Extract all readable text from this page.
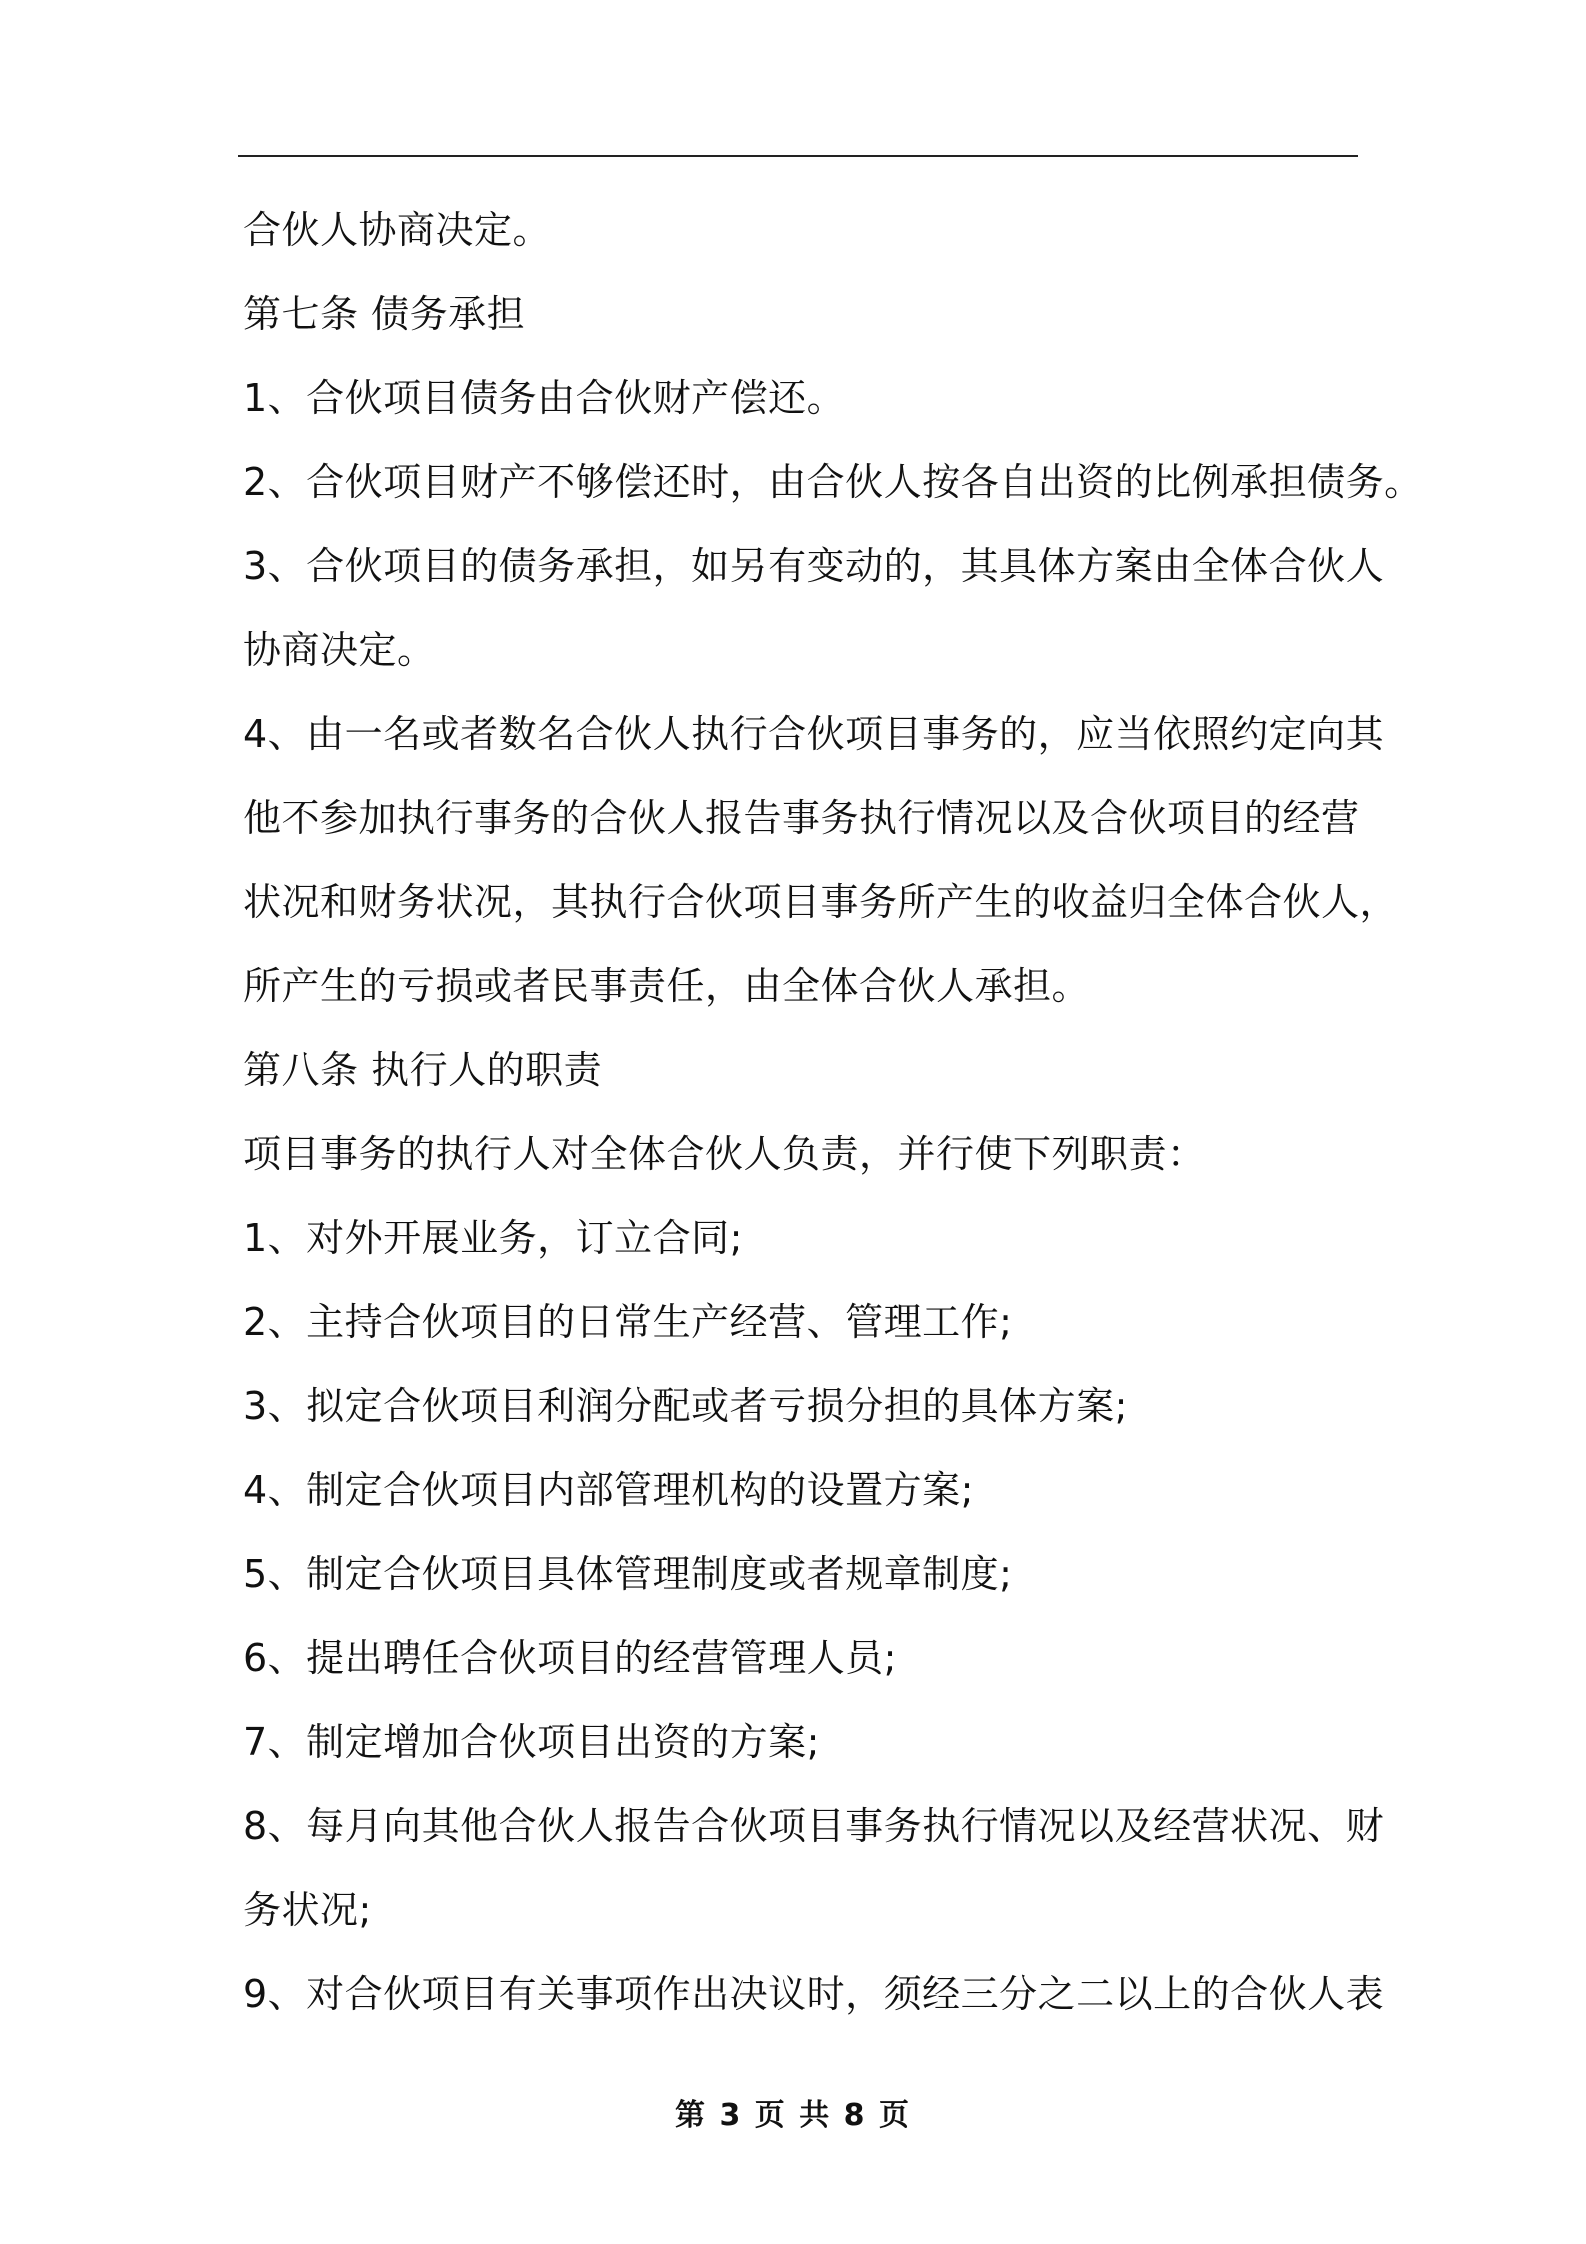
合伙人协商决定。
第七条 债务承担
1、合伙项目债务由合伙财产偿还。
2、合伙项目财产不够偿还时，由合伙人按各自出资的比例承担债务。
3、合伙项目的债务承担，如另有变动的，其具体方案由全体合伙人
协商决定。
4、由一名或者数名合伙人执行合伙项目事务的，应当依照约定向其
他不参加执行事务的合伙人报告事务执行情况以及合伙项目的经营
状况和财务状况，其执行合伙项目事务所产生的收益归全体合伙人，
所产生的亏损或者民事责任，由全体合伙人承担。
第八条 执行人的职责
项目事务的执行人对全体合伙人负责，并行使下列职责：
1、对外开展业务，订立合同;
2、主持合伙项目的日常生产经营、管理工作;
3、拟定合伙项目利润分配或者亏损分担的具体方案;
4、制定合伙项目内部管理机构的设置方案;
5、制定合伙项目具体管理制度或者规章制度;
6、提出聘任合伙项目的经营管理人员;
7、制定增加合伙项目出资的方案;
8、每月向其他合伙人报告合伙项目事务执行情况以及经营状况、财
务状况;
9、对合伙项目有关事项作出决议时，须经三分之二以上的合伙人表
第 3 页 共 8 页
